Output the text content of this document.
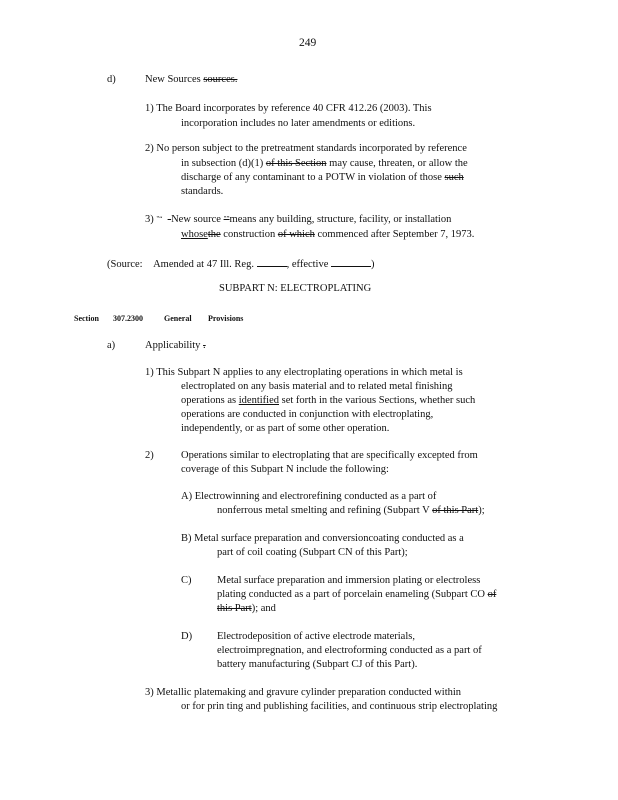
249
d)	New Sources sources.
1) The Board incorporates by reference 40 CFR 412.26 (2003). This
incorporation includes no later amendments or editions.
2) No person subject to the pretreatment standards incorporated by reference
in subsection (d)(1) of this Section may cause, threaten, or allow the
discharge of any contaminant to a POTW in violation of those such
standards.
3) "“ -New source "”means any building, structure, facility, or installation
whosethe construction of which commenced after September 7, 1973.
(Source: Amended at 47 Ill. Reg.	, effective	)
SUBPART N: ELECTROPLATING
Section 307.2300	General Provisions
a)	Applicability .
1) This Subpart N applies to any electroplating operations in which metal is
electroplated on any basis material and to related metal finishing
operations as identified set forth in the various Sections, whether such
operations are conducted in conjunction with electroplating,
independently, or as part of some other operation.
2)	Operations similar to electroplating that are specifically excepted from
coverage of this Subpart N include the following:
A) Electrowinning and electrorefining conducted as a part of
nonferrous metal smelting and refining (Subpart V of this Part);
B) Metal surface preparation and conversioncoating conducted as a
part of coil coating (Subpart CN of this Part);
C) Metal surface preparation and immersion plating or electroless
plating conducted as a part of porcelain enameling (Subpart CO of
this Part); and
D) Electrodeposition of active electrode materials,
electroimpregnation, and electroforming conducted as a part of
battery manufacturing (Subpart CJ of this Part).
3) Metallic platemaking and gravure cylinder preparation conducted within
or for prin ting and publishing facilities, and continuous strip electroplating
